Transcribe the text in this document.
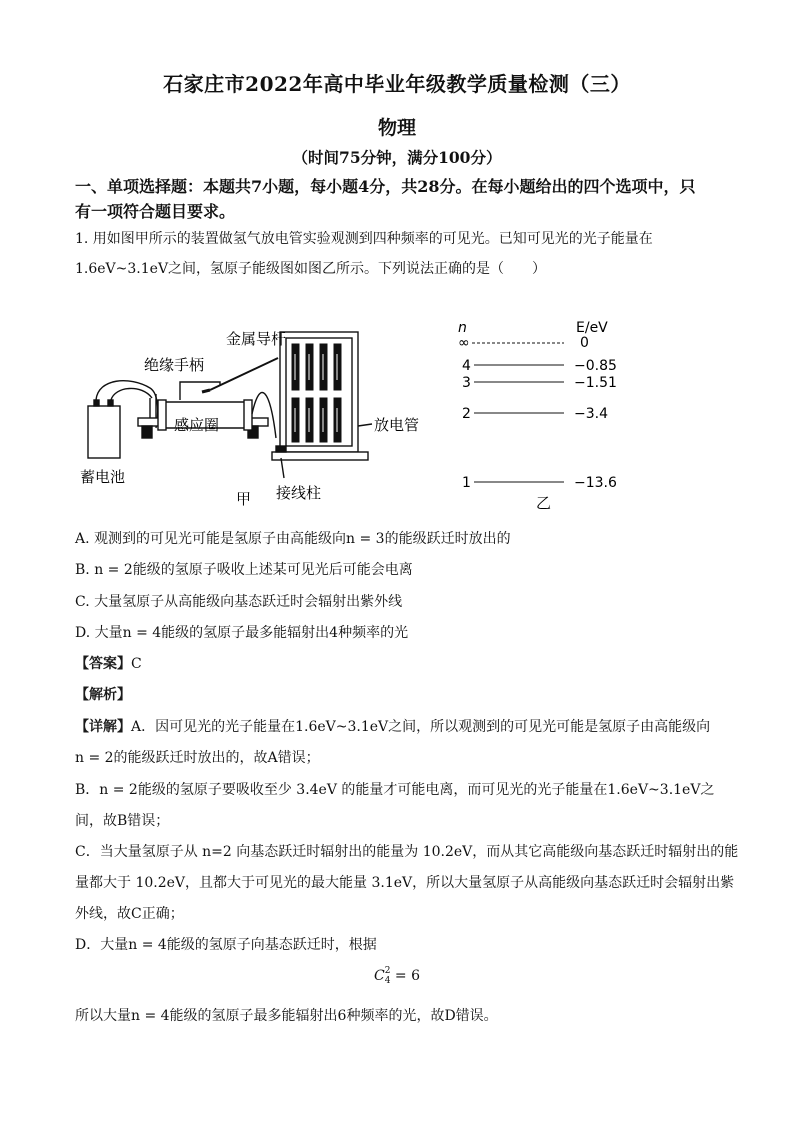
石家庄市2022年高中毕业年级教学质量检测（三）
物理
（时间75分钟，满分100分）
一、单项选择题：本题共7小题，每小题4分，共28分。在每小题给出的四个选项中，只
有一项符合题目要求。
1. 用如图甲所示的装置做氢气放电管实验观测到四种频率的可见光。已知可见光的光子能量在
1.6eV~3.1eV之间，氢原子能级图如图乙所示。下列说法正确的是（　　）
金属导杆
绝缘手柄
感应圈	放电管
蓄电池
接线柱
甲
n	E/eV
∞	0
4	−0.85
3	−1.51
2	−3.4
1	−13.6
乙
A. 观测到的可见光可能是氢原子由高能级向n = 3的能级跃迁时放出的
B. n = 2能级的氢原子吸收上述某可见光后可能会电离
C. 大量氢原子从高能级向基态跃迁时会辐射出紫外线
D. 大量n = 4能级的氢原子最多能辐射出4种频率的光
【答案】C
【解析】
【详解】A．因可见光的光子能量在1.6eV~3.1eV之间，所以观测到的可见光可能是氢原子由高能级向
n = 2的能级跃迁时放出的，故A错误；
B．n = 2能级的氢原子要吸收至少 3.4eV 的能量才可能电离，而可见光的光子能量在1.6eV~3.1eV之
间，故B错误；
C．当大量氢原子从 n=2 向基态跃迁时辐射出的能量为 10.2eV，而从其它高能级向基态跃迁时辐射出的能
量都大于 10.2eV，且都大于可见光的最大能量 3.1eV，所以大量氢原子从高能级向基态跃迁时会辐射出紫
外线，故C正确；
D．大量n = 4能级的氢原子向基态跃迁时，根据
C 2
4 = 6
所以大量n = 4能级的氢原子最多能辐射出6种频率的光，故D错误。
